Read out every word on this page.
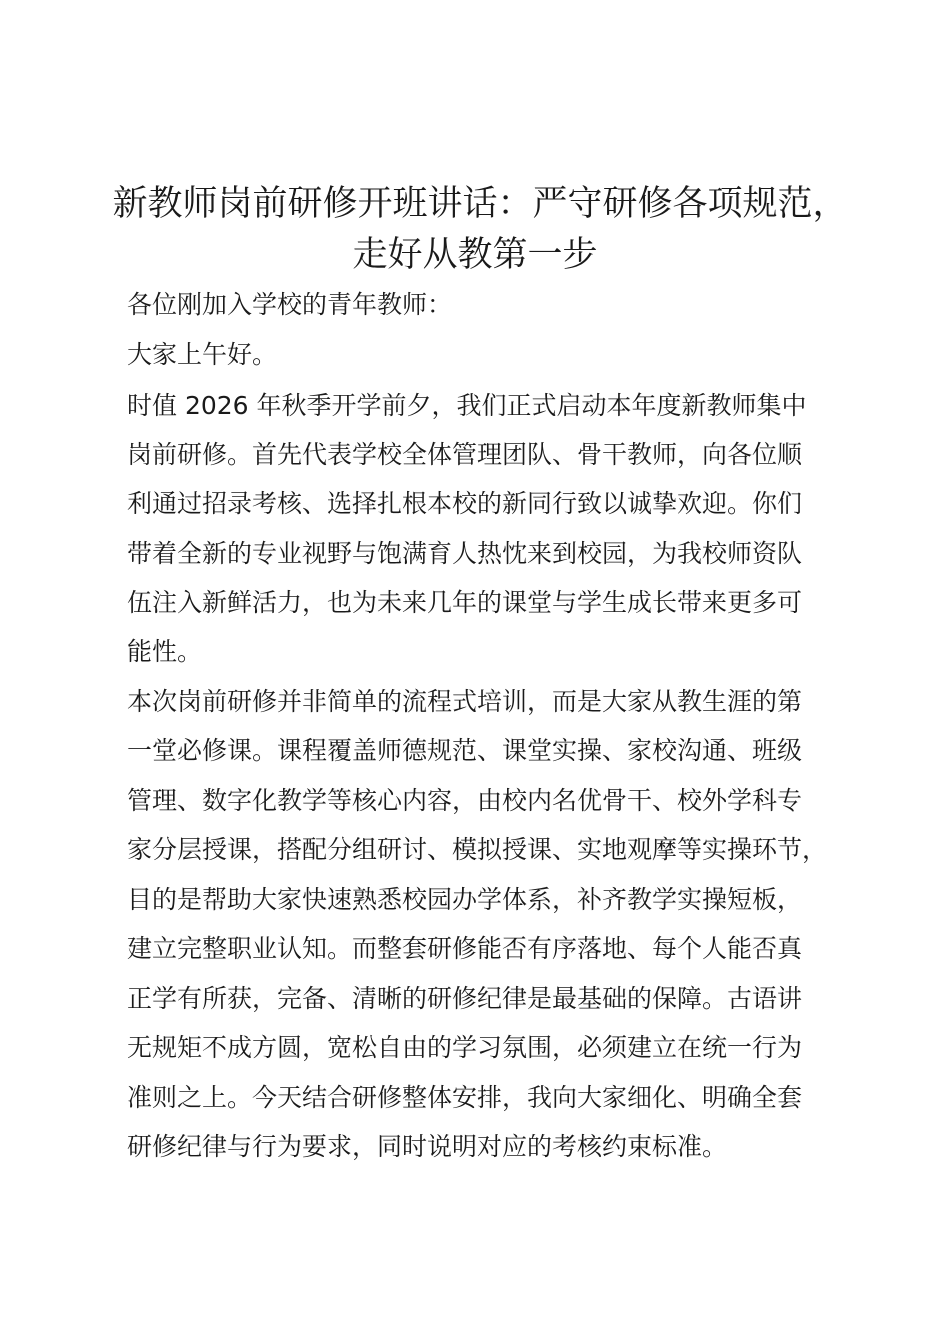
新教师岗前研修开班讲话：严守研修各项规范，
走好从教第一步

各位刚加入学校的青年教师：

大家上午好。

时值 2026 年秋季开学前夕，我们正式启动本年度新教师集中

岗前研修。首先代表学校全体管理团队、骨干教师，向各位顺

利通过招录考核、选择扎根本校的新同行致以诚挚欢迎。你们

带着全新的专业视野与饱满育人热忱来到校园，为我校师资队

伍注入新鲜活力，也为未来几年的课堂与学生成长带来更多可

能性。

本次岗前研修并非简单的流程式培训，而是大家从教生涯的第

一堂必修课。课程覆盖师德规范、课堂实操、家校沟通、班级

管理、数字化教学等核心内容，由校内名优骨干、校外学科专

家分层授课，搭配分组研讨、模拟授课、实地观摩等实操环节，

目的是帮助大家快速熟悉校园办学体系，补齐教学实操短板，

建立完整职业认知。而整套研修能否有序落地、每个人能否真

正学有所获，完备、清晰的研修纪律是最基础的保障。古语讲

无规矩不成方圆，宽松自由的学习氛围，必须建立在统一行为

准则之上。今天结合研修整体安排，我向大家细化、明确全套

研修纪律与行为要求，同时说明对应的考核约束标准。
